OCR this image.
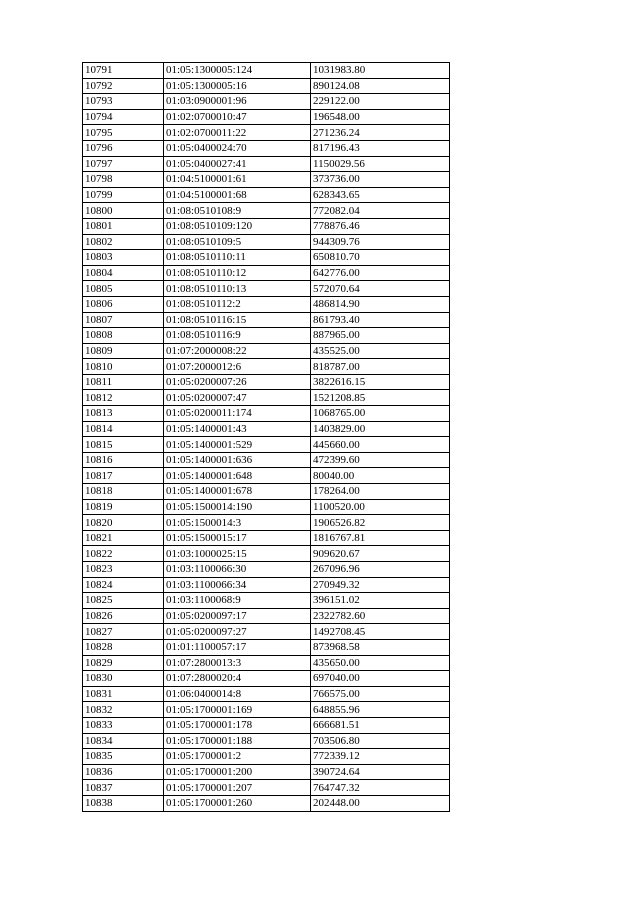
10791	01:05:1300005:124	1031983.80
10792	01:05:1300005:16	890124.08
10793	01:03:0900001:96	229122.00
10794	01:02:0700010:47	196548.00
10795	01:02:0700011:22	271236.24
10796	01:05:0400024:70	817196.43
10797	01:05:0400027:41	1150029.56
10798	01:04:5100001:61	373736.00
10799	01:04:5100001:68	628343.65
10800	01:08:0510108:9	772082.04
10801	01:08:0510109:120	778876.46
10802	01:08:0510109:5	944309.76
10803	01:08:0510110:11	650810.70
10804	01:08:0510110:12	642776.00
10805	01:08:0510110:13	572070.64
10806	01:08:0510112:2	486814.90
10807	01:08:0510116:15	861793.40
10808	01:08:0510116:9	887965.00
10809	01:07:2000008:22	435525.00
10810	01:07:2000012:6	818787.00
10811	01:05:0200007:26	3822616.15
10812	01:05:0200007:47	1521208.85
10813	01:05:0200011:174	1068765.00
10814	01:05:1400001:43	1403829.00
10815	01:05:1400001:529	445660.00
10816	01:05:1400001:636	472399.60
10817	01:05:1400001:648	80040.00
10818	01:05:1400001:678	178264.00
10819	01:05:1500014:190	1100520.00
10820	01:05:1500014:3	1906526.82
10821	01:05:1500015:17	1816767.81
10822	01:03:1000025:15	909620.67
10823	01:03:1100066:30	267096.96
10824	01:03:1100066:34	270949.32
10825	01:03:1100068:9	396151.02
10826	01:05:0200097:17	2322782.60
10827	01:05:0200097:27	1492708.45
10828	01:01:1100057:17	873968.58
10829	01:07:2800013:3	435650.00
10830	01:07:2800020:4	697040.00
10831	01:06:0400014:8	766575.00
10832	01:05:1700001:169	648855.96
10833	01:05:1700001:178	666681.51
10834	01:05:1700001:188	703506.80
10835	01:05:1700001:2	772339.12
10836	01:05:1700001:200	390724.64
10837	01:05:1700001:207	764747.32
10838	01:05:1700001:260	202448.00
